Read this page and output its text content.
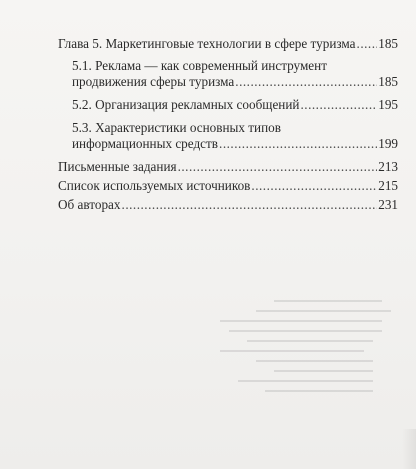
Глава 5. Маркетинговые технологии в сфере туризма ..... 185
5.1. Реклама — как современный инструмент
продвижения сферы туризма .....	185
5.2. Организация рекламных сообщений .....	195
5.3. Характеристики основных типов
информационных средств .....	199
Письменные задания .....	213
Список используемых источников .....	215
Об авторах .....	231
